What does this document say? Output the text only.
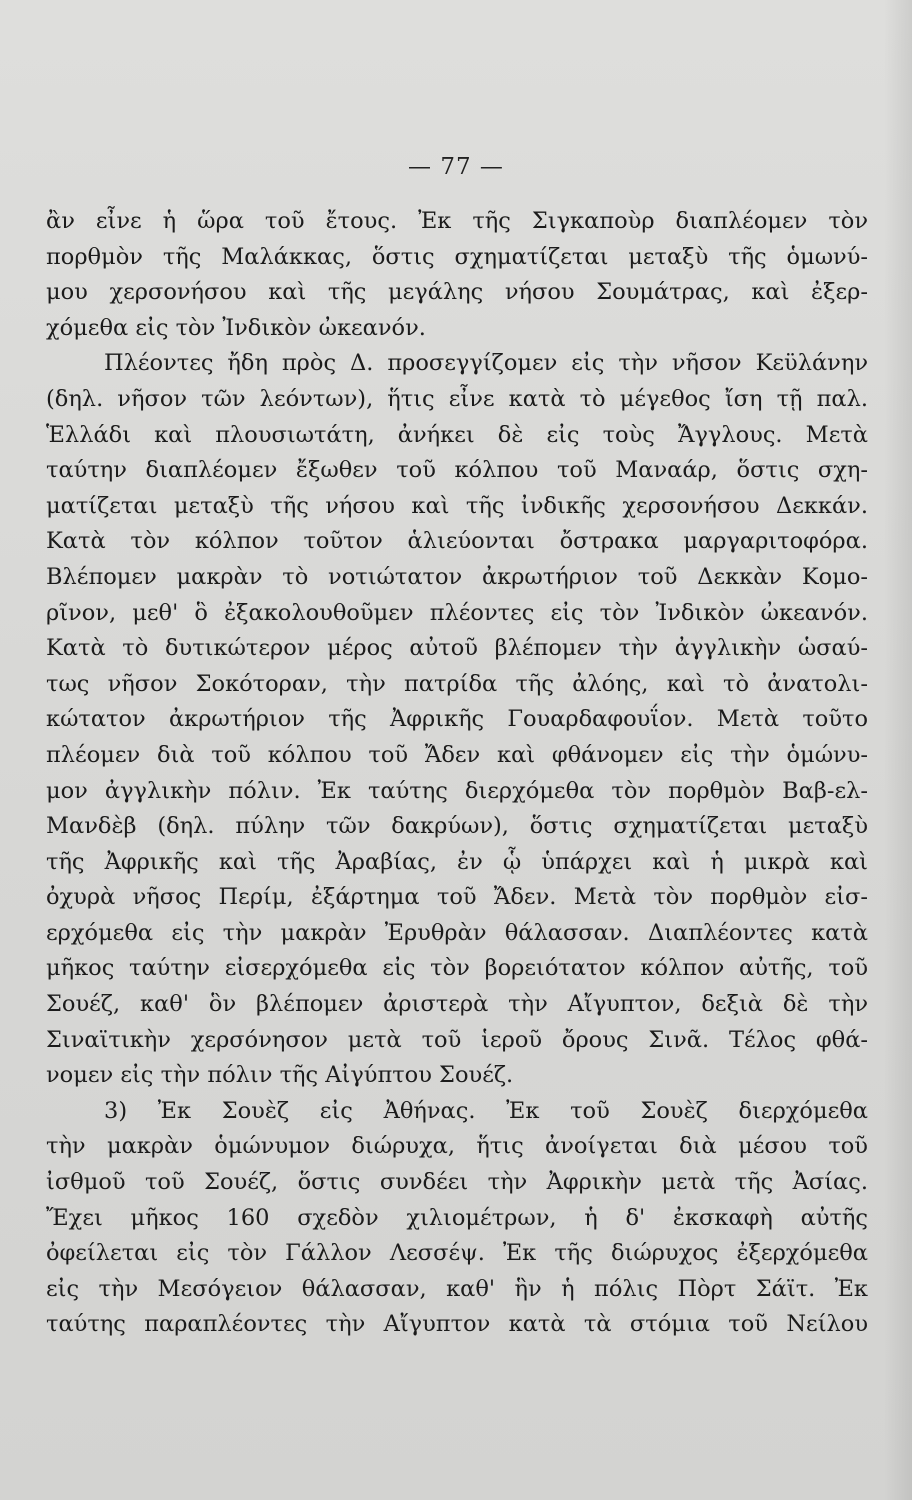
— 77 —
ἂν εἶνε ἡ ὥρα τοῦ ἔτους. Ἐκ τῆς Σιγκαποὺρ διαπλέομεν τὸν
πορθμὸν τῆς Μαλάκκας, ὅστις σχηματίζεται μεταξὺ τῆς ὁμωνύ-
μου χερσονήσου καὶ τῆς μεγάλης νήσου Σουμάτρας, καὶ ἐξερ-
χόμεθα εἰς τὸν Ἰνδικὸν ὠκεανόν.
Πλέοντες ἤδη πρὸς Δ. προσεγγίζομεν εἰς τὴν νῆσον Κεϋλάνην
(δηλ. νῆσον τῶν λεόντων), ἥτις εἶνε κατὰ τὸ μέγεθος ἴση τῇ παλ.
Ἑλλάδι καὶ πλουσιωτάτη, ἀνήκει δὲ εἰς τοὺς Ἄγγλους. Μετὰ
ταύτην διαπλέομεν ἔξωθεν τοῦ κόλπου τοῦ Μαναάρ, ὅστις σχη-
ματίζεται μεταξὺ τῆς νήσου καὶ τῆς ἰνδικῆς χερσονήσου Δεκκάν.
Κατὰ τὸν κόλπον τοῦτον ἁλιεύονται ὄστρακα μαργαριτοφόρα.
Βλέπομεν μακρὰν τὸ νοτιώτατον ἀκρωτήριον τοῦ Δεκκὰν Κομο-
ρῖνον, μεθ' ὃ ἐξακολουθοῦμεν πλέοντες εἰς τὸν Ἰνδικὸν ὠκεανόν.
Κατὰ τὸ δυτικώτερον μέρος αὐτοῦ βλέπομεν τὴν ἀγγλικὴν ὡσαύ-
τως νῆσον Σοκότοραν, τὴν πατρίδα τῆς ἀλόης, καὶ τὸ ἀνατολι-
κώτατον ἀκρωτήριον τῆς Ἀφρικῆς Γουαρδαφουΐον. Μετὰ τοῦτο
πλέομεν διὰ τοῦ κόλπου τοῦ Ἄδεν καὶ φθάνομεν εἰς τὴν ὁμώνυ-
μον ἀγγλικὴν πόλιν. Ἐκ ταύτης διερχόμεθα τὸν πορθμὸν Βαβ-ελ-
Μανδὲβ (δηλ. πύλην τῶν δακρύων), ὅστις σχηματίζεται μεταξὺ
τῆς Ἀφρικῆς καὶ τῆς Ἀραβίας, ἐν ᾧ ὑπάρχει καὶ ἡ μικρὰ καὶ
ὀχυρὰ νῆσος Περίμ, ἐξάρτημα τοῦ Ἄδεν. Μετὰ τὸν πορθμὸν εἰσ-
ερχόμεθα εἰς τὴν μακρὰν Ἐρυθρὰν θάλασσαν. Διαπλέοντες κατὰ
μῆκος ταύτην εἰσερχόμεθα εἰς τὸν βορειότατον κόλπον αὐτῆς, τοῦ
Σουέζ, καθ' ὃν βλέπομεν ἀριστερὰ τὴν Αἴγυπτον, δεξιὰ δὲ τὴν
Σιναϊτικὴν χερσόνησον μετὰ τοῦ ἱεροῦ ὄρους Σινᾶ. Τέλος φθά-
νομεν εἰς τὴν πόλιν τῆς Αἰγύπτου Σουέζ.
3) Ἐκ Σουὲζ εἰς Ἀθήνας. Ἐκ τοῦ Σουὲζ διερχόμεθα
τὴν μακρὰν ὁμώνυμον διώρυχα, ἥτις ἀνοίγεται διὰ μέσου τοῦ
ἰσθμοῦ τοῦ Σουέζ, ὅστις συνδέει τὴν Ἀφρικὴν μετὰ τῆς Ἀσίας.
Ἔχει μῆκος 160 σχεδὸν χιλιομέτρων, ἡ δ' ἐκσκαφὴ αὐτῆς
ὀφείλεται εἰς τὸν Γάλλον Λεσσέψ. Ἐκ τῆς διώρυχος ἐξερχόμεθα
εἰς τὴν Μεσόγειον θάλασσαν, καθ' ἣν ἡ πόλις Πὸρτ Σάϊτ. Ἐκ
ταύτης παραπλέοντες τὴν Αἴγυπτον κατὰ τὰ στόμια τοῦ Νείλου
